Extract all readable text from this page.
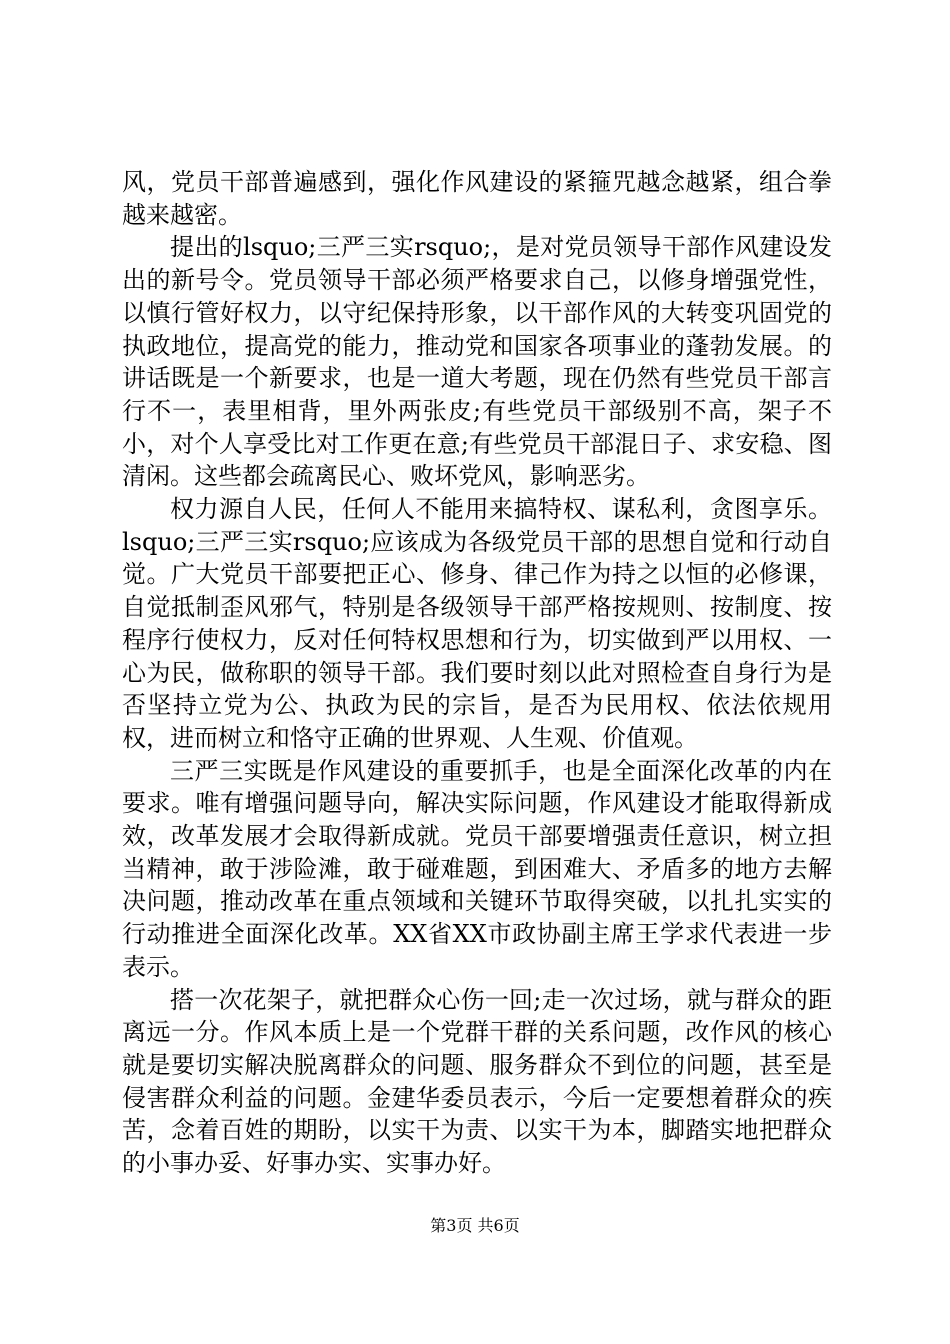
风，党员干部普遍感到，强化作风建设的紧箍咒越念越紧，组合拳越来越密。

提出的lsquo;三严三实rsquo;，是对党员领导干部作风建设发出的新号令。党员领导干部必须严格要求自己，以修身增强党性，以慎行管好权力，以守纪保持形象，以干部作风的大转变巩固党的执政地位，提高党的能力，推动党和国家各项事业的蓬勃发展。的讲话既是一个新要求，也是一道大考题，现在仍然有些党员干部言行不一，表里相背，里外两张皮;有些党员干部级别不高，架子不小，对个人享受比对工作更在意;有些党员干部混日子、求安稳、图清闲。这些都会疏离民心、败坏党风，影响恶劣。

权力源自人民，任何人不能用来搞特权、谋私利，贪图享乐。lsquo;三严三实rsquo;应该成为各级党员干部的思想自觉和行动自觉。广大党员干部要把正心、修身、律己作为持之以恒的必修课，自觉抵制歪风邪气，特别是各级领导干部严格按规则、按制度、按程序行使权力，反对任何特权思想和行为，切实做到严以用权、一心为民，做称职的领导干部。我们要时刻以此对照检查自身行为是否坚持立党为公、执政为民的宗旨，是否为民用权、依法依规用权，进而树立和恪守正确的世界观、人生观、价值观。

三严三实既是作风建设的重要抓手，也是全面深化改革的内在要求。唯有增强问题导向，解决实际问题，作风建设才能取得新成效，改革发展才会取得新成就。党员干部要增强责任意识，树立担当精神，敢于涉险滩，敢于碰难题，到困难大、矛盾多的地方去解决问题，推动改革在重点领域和关键环节取得突破，以扎扎实实的行动推进全面深化改革。XX省XX市政协副主席王学求代表进一步表示。

搭一次花架子，就把群众心伤一回;走一次过场，就与群众的距离远一分。作风本质上是一个党群干群的关系问题，改作风的核心就是要切实解决脱离群众的问题、服务群众不到位的问题，甚至是侵害群众利益的问题。金建华委员表示，今后一定要想着群众的疾苦，念着百姓的期盼，以实干为责、以实干为本，脚踏实地把群众的小事办妥、好事办实、实事办好。

第3页 共6页
